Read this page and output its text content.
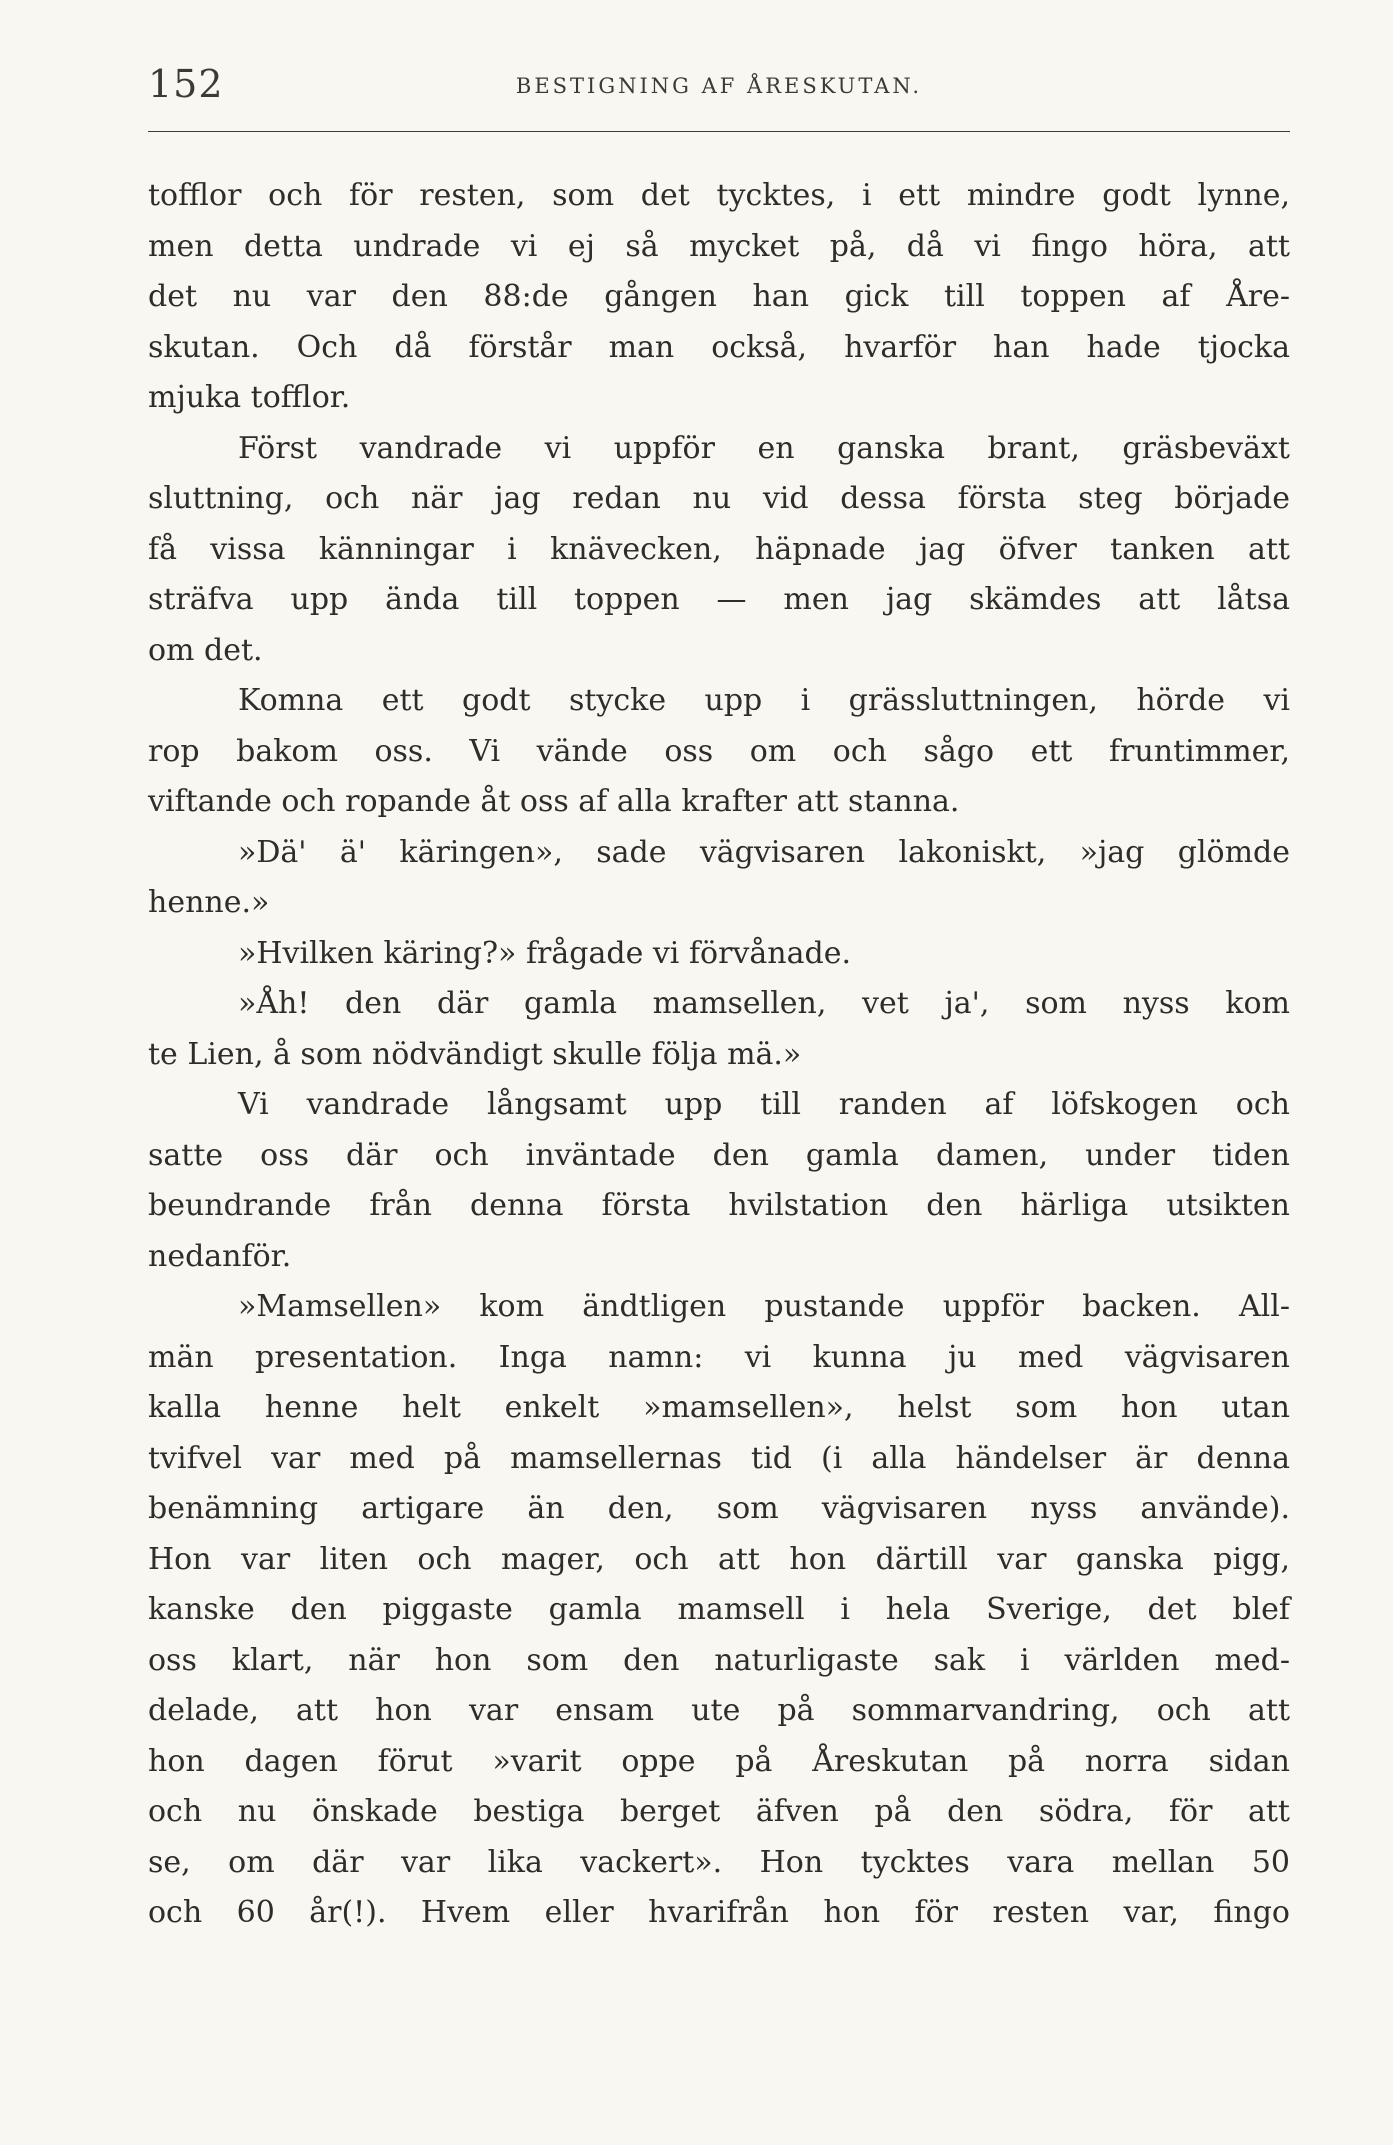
152	BESTIGNING AF ÅRESKUTAN.
tofflor och för resten, som det tycktes, i ett mindre godt lynne,
men detta undrade vi ej så mycket på, då vi fingo höra, att
det nu var den 88:de gången han gick till toppen af Åre-
skutan. Och då förstår man också, hvarför han hade tjocka
mjuka tofflor.
Först vandrade vi uppför en ganska brant, gräsbeväxt
sluttning, och när jag redan nu vid dessa första steg började
få vissa känningar i knävecken, häpnade jag öfver tanken att
sträfva upp ända till toppen — men jag skämdes att låtsa
om det.
Komna ett godt stycke upp i grässluttningen, hörde vi
rop bakom oss. Vi vände oss om och sågo ett fruntimmer,
viftande och ropande åt oss af alla krafter att stanna.
»Dä' ä' käringen», sade vägvisaren lakoniskt, »jag glömde
henne.»
»Hvilken käring?» frågade vi förvånade.
»Åh! den där gamla mamsellen, vet ja', som nyss kom
te Lien, å som nödvändigt skulle följa mä.»
Vi vandrade långsamt upp till randen af löfskogen och
satte oss där och inväntade den gamla damen, under tiden
beundrande från denna första hvilstation den härliga utsikten
nedanför.
»Mamsellen» kom ändtligen pustande uppför backen. All-
män presentation. Inga namn: vi kunna ju med vägvisaren
kalla henne helt enkelt »mamsellen», helst som hon utan
tvifvel var med på mamsellernas tid (i alla händelser är denna
benämning artigare än den, som vägvisaren nyss använde).
Hon var liten och mager, och att hon därtill var ganska pigg,
kanske den piggaste gamla mamsell i hela Sverige, det blef
oss klart, när hon som den naturligaste sak i världen med-
delade, att hon var ensam ute på sommarvandring, och att
hon dagen förut »varit oppe på Åreskutan på norra sidan
och nu önskade bestiga berget äfven på den södra, för att
se, om där var lika vackert». Hon tycktes vara mellan 50
och 60 år(!). Hvem eller hvarifrån hon för resten var, fingo
